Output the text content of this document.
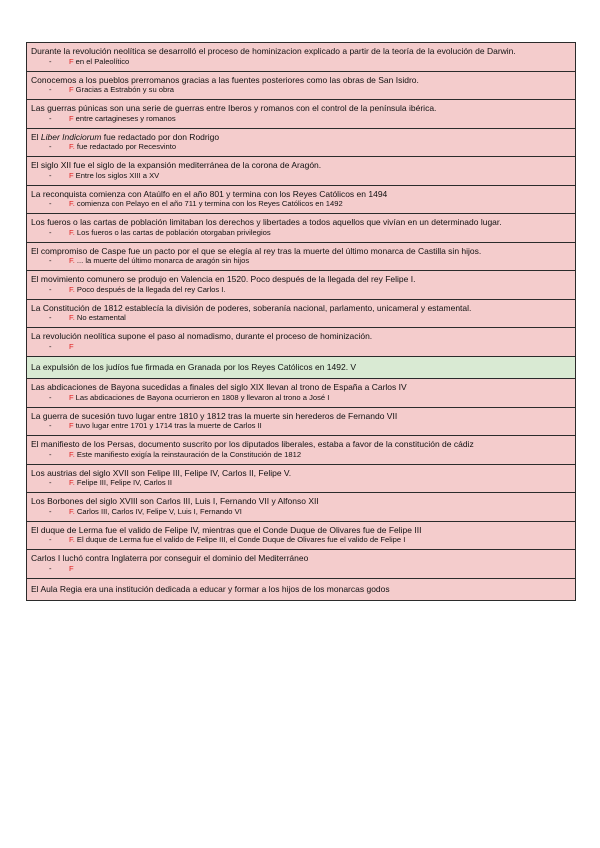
Durante la revolución neolítica se desarrolló el proceso de hominizacion explicado a partir de la teoría de la evolución de Darwin.

-	F en el Paleolítico

Conocemos a los pueblos prerromanos gracias a las fuentes posteriores como las obras de San Isidro.

-	F Gracias a Estrabón y su obra

Las guerras púnicas son una serie de guerras entre Iberos y romanos con el control de la península ibérica.

-	F entre cartagineses y romanos

El Liber Indiciorum fue redactado por don Rodrigo

-	F. fue redactado por Recesvinto

El siglo XII fue el siglo de la expansión mediterránea de la corona de Aragón.

-	F Entre los siglos XIII a XV

La reconquista comienza con Ataúlfo en el año 801 y termina con los Reyes Católicos en 1494

-	F. comienza con Pelayo en el año 711 y termina con los Reyes Católicos en 1492

Los fueros o las cartas de población limitaban los derechos y libertades a todos aquellos que vivían en un determinado lugar.

-	F. Los fueros o las cartas de población otorgaban privilegios

El compromiso de Caspe fue un pacto por el que se elegía al rey tras la muerte del último monarca de Castilla sin hijos.

-	F. ... la muerte del último monarca de aragón sin hijos

El movimiento comunero se produjo en Valencia en 1520. Poco después de la llegada del rey Felipe I.

-	F. Poco después de la llegada del rey Carlos I.

La Constitución de 1812 establecía la división de poderes, soberanía nacional, parlamento, unicameral y estamental.

-	F. No estamental

La revolución neolítica supone el paso al nomadismo, durante el proceso de hominización.

-	F

La expulsión de los judíos fue firmada en Granada por los Reyes Católicos en 1492. V

Las abdicaciones de Bayona sucedidas a finales del siglo XIX llevan al trono de España a Carlos IV

-	F Las abdicaciones de Bayona ocurrieron en 1808 y llevaron al trono a José I

La guerra de sucesión tuvo lugar entre 1810 y 1812 tras la muerte sin herederos de Fernando VII

-	F tuvo lugar entre 1701 y 1714 tras la muerte de Carlos II

El manifiesto de los Persas, documento suscrito por los diputados liberales, estaba a favor de la constitución de cádiz

-	F. Este manifiesto exigía la reinstauración de la Constitución de 1812

Los austrias del siglo XVII son Felipe III, Felipe IV, Carlos II, Felipe V.

-	F. Felipe III, Felipe IV, Carlos II

Los Borbones del siglo XVIII son Carlos III, Luis I, Fernando VII y Alfonso XII

-	F. Carlos III, Carlos IV, Felipe V, Luis I, Fernando VI

El duque de Lerma fue el valido de Felipe IV, mientras que el Conde Duque de Olivares fue de Felipe III

-	F. El duque de Lerma fue el valido de Felipe III, el Conde Duque de Olivares fue el valido de Felipe I

Carlos I luchó contra Inglaterra por conseguir el dominio del Mediterráneo

-	F

El Aula Regia era una institución dedicada a educar y formar a los hijos de los monarcas godos
